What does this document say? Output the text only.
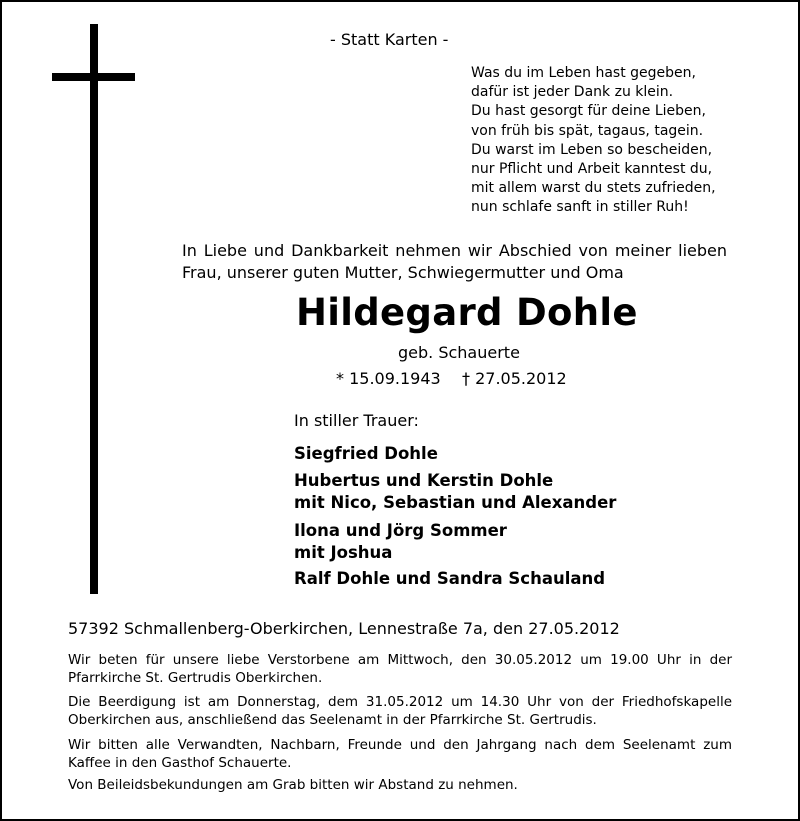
- Statt Karten -
Was du im Leben hast gegeben,
dafür ist jeder Dank zu klein.
Du hast gesorgt für deine Lieben,
von früh bis spät, tagaus, tagein.
Du warst im Leben so bescheiden,
nur Pflicht und Arbeit kanntest du,
mit allem warst du stets zufrieden,
nun schlafe sanft in stiller Ruh!
In Liebe und Dankbarkeit nehmen wir Abschied von meiner lieben Frau, unserer guten Mutter, Schwiegermutter und Oma
Hildegard Dohle
geb. Schauerte
* 15.09.1943 † 27.05.2012
In stiller Trauer:
Siegfried Dohle
Hubertus und Kerstin Dohle
mit Nico, Sebastian und Alexander
Ilona und Jörg Sommer
mit Joshua
Ralf Dohle und Sandra Schauland
57392 Schmallenberg-Oberkirchen, Lennestraße 7a, den 27.05.2012
Wir beten für unsere liebe Verstorbene am Mittwoch, den 30.05.2012 um 19.00 Uhr in der Pfarrkirche St. Gertrudis Oberkirchen.
Die Beerdigung ist am Donnerstag, dem 31.05.2012 um 14.30 Uhr von der Friedhofskapelle Oberkirchen aus, anschließend das Seelenamt in der Pfarrkirche St. Gertrudis.
Wir bitten alle Verwandten, Nachbarn, Freunde und den Jahrgang nach dem Seelenamt zum Kaffee in den Gasthof Schauerte.
Von Beileidsbekundungen am Grab bitten wir Abstand zu nehmen.
